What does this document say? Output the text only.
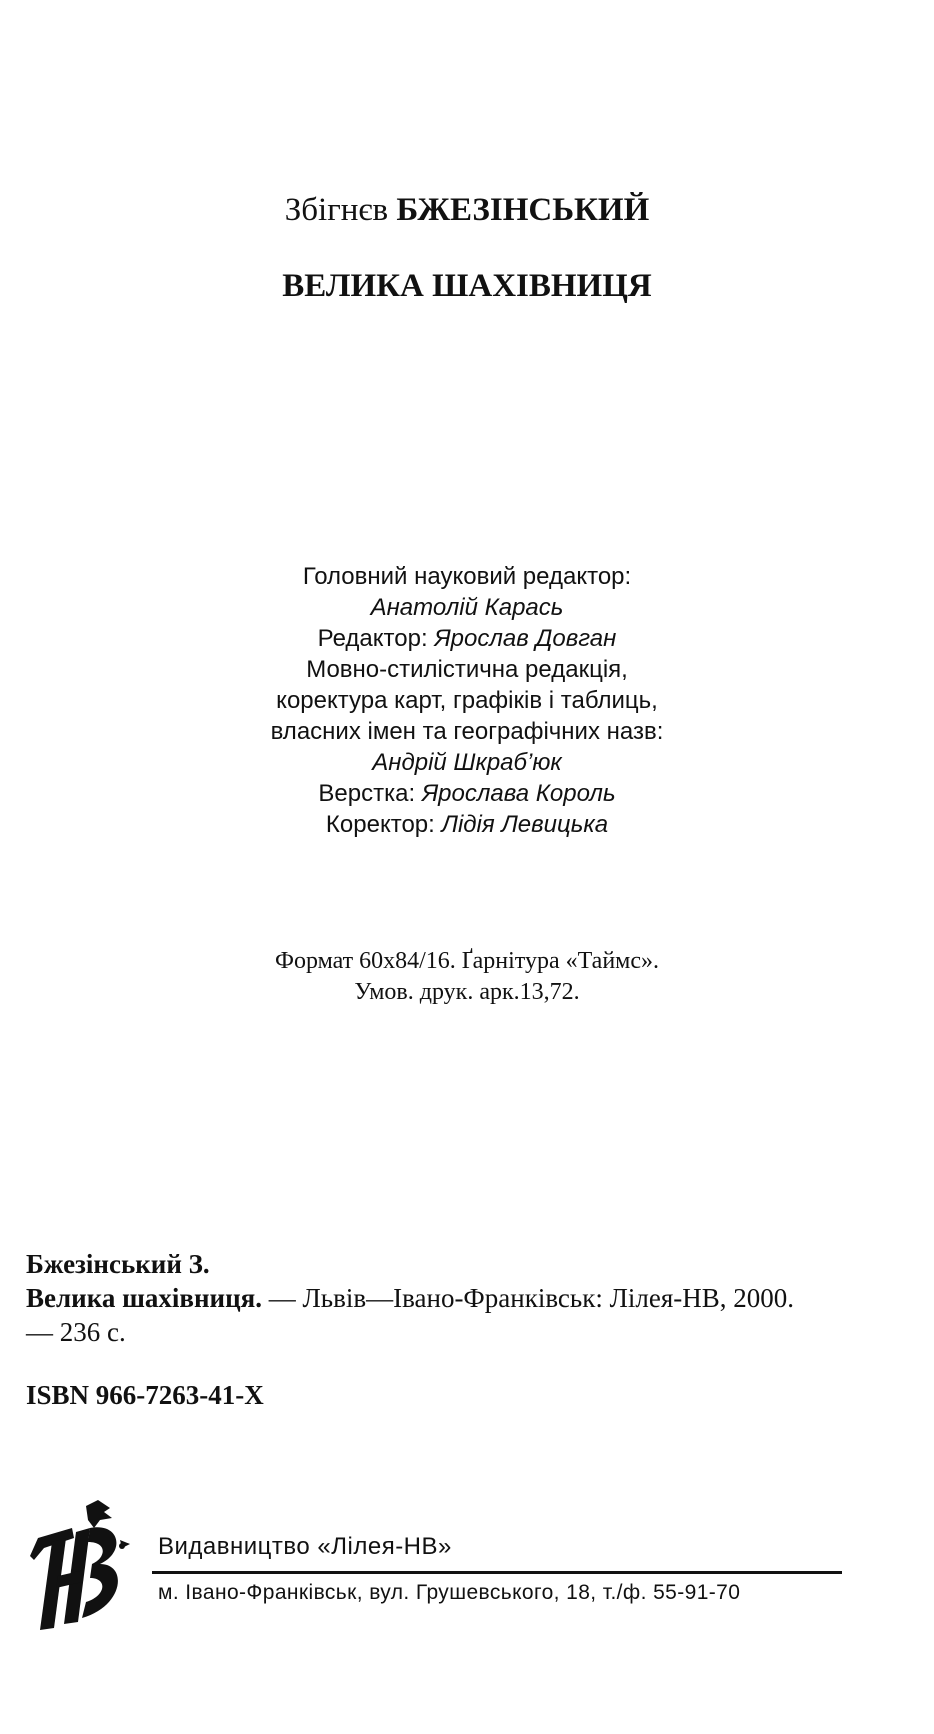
Збігнєв БЖЕЗІНСЬКИЙ
ВЕЛИКА ШАХІВНИЦЯ
Головний науковий редактор:
Анатолій Карась
Редактор: Ярослав Довган
Мовно-стилістична редакція,
коректура карт, графіків і таблиць,
власних імен та географічних назв:
Андрій Шкраб’юк
Верстка: Ярослава Король
Коректор: Лідія Левицька
Формат 60х84/16. Ґарнітура «Таймс».
Умов. друк. арк.13,72.
Бжезінський З.
Велика шахівниця. — Львів—Івано-Франківськ: Лілея-НВ, 2000.
— 236 с.
ISBN 966-7263-41-X
НВ
Видавництво «Лілея-НВ»
м. Івано-Франківськ, вул. Грушевського, 18, т./ф. 55-91-70
